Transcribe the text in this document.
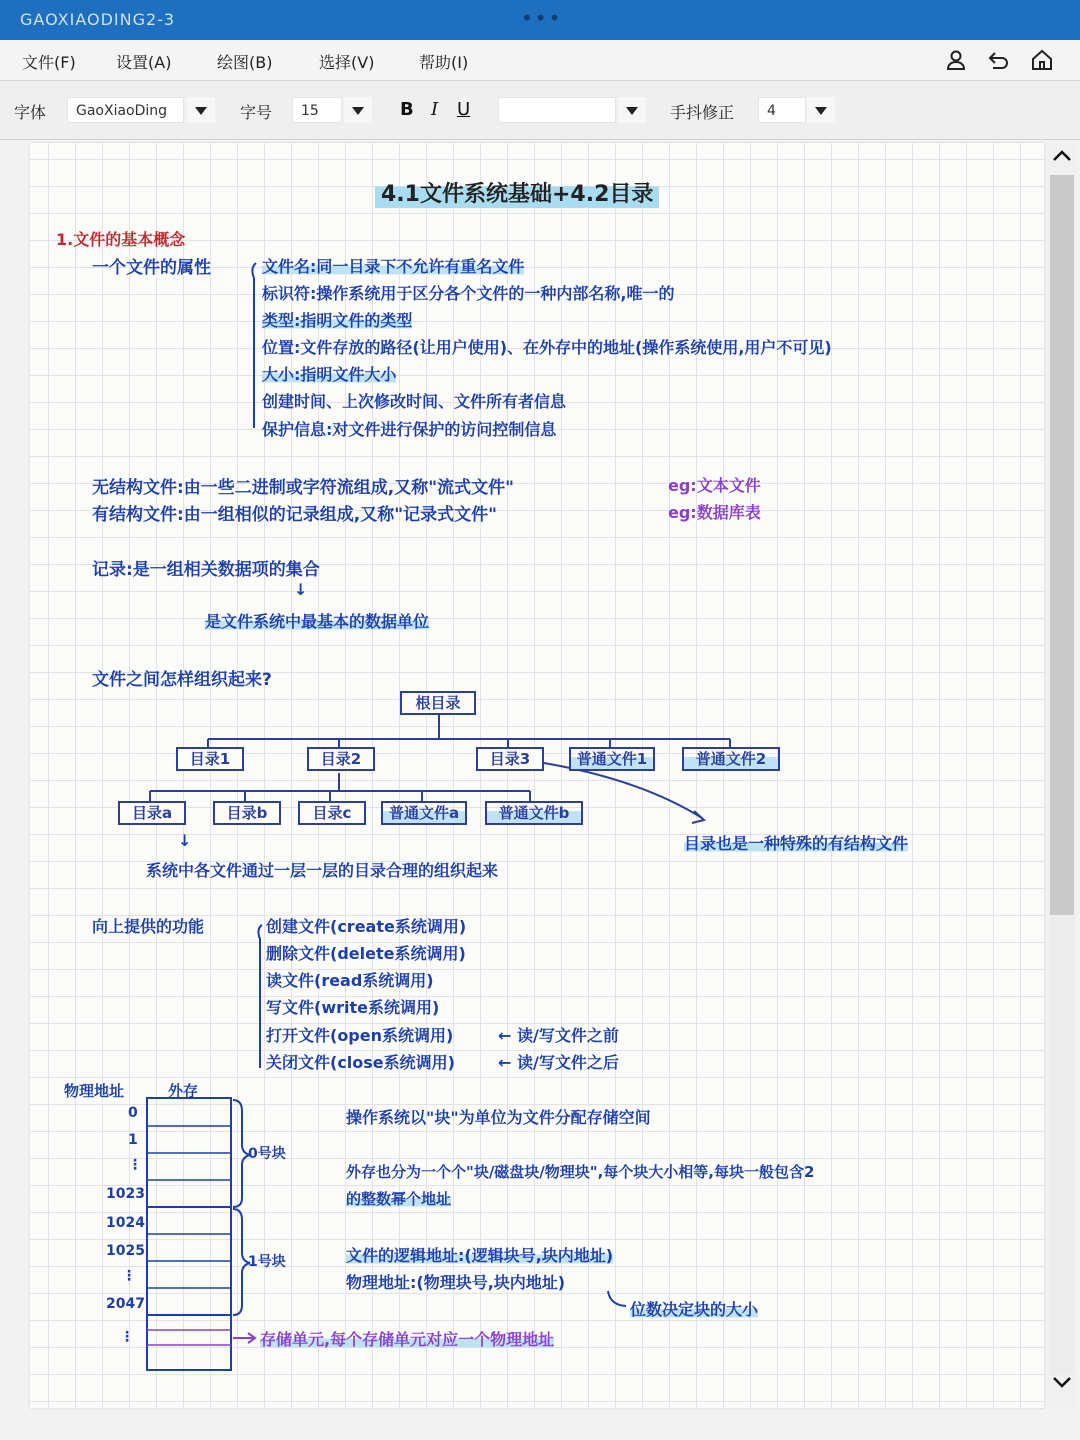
GAOXIAODING2-3	•••
文件(F)	设置(A)	绘图(B)	选择(V)	帮助(I)
字体	GaoXiaoDing	字号	15	B I U	手抖修正	4
4.1文件系统基础+4.2目录
1.文件的基本概念
一个文件的属性	文件名:同一目录下不允许有重名文件
标识符:操作系统用于区分各个文件的一种内部名称,唯一的
类型:指明文件的类型
位置:文件存放的路径(让用户使用)、在外存中的地址(操作系统使用,用户不可见)
大小:指明文件大小
创建时间、上次修改时间、文件所有者信息
保护信息:对文件进行保护的访问控制信息
无结构文件:由一些二进制或字符流组成,又称"流式文件"	eg:文本文件
有结构文件:由一组相似的记录组成,又称"记录式文件"	eg:数据库表
记录:是一组相关数据项的集合
↓
是文件系统中最基本的数据单位
文件之间怎样组织起来?
根目录
目录1	目录2	目录3	普通文件1	普通文件2
目录a	目录b	目录c	普通文件a	普通文件b
↓
系统中各文件通过一层一层的目录合理的组织起来
目录也是一种特殊的有结构文件
向上提供的功能	创建文件(create系统调用)
删除文件(delete系统调用)
读文件(read系统调用)
写文件(write系统调用)
打开文件(open系统调用)
关闭文件(close系统调用)
← 读/写文件之前
← 读/写文件之后
物理地址	外存
0
1
⋮
1023
1024
1025
⋮
2047
⋮
0号块
1号块
操作系统以"块"为单位为文件分配存储空间
外存也分为一个个"块/磁盘块/物理块",每个块大小相等,每块一般包含2
的整数幂个地址
文件的逻辑地址:(逻辑块号,块内地址)
物理地址:(物理块号,块内地址)
位数决定块的大小
存储单元,每个存储单元对应一个物理地址
